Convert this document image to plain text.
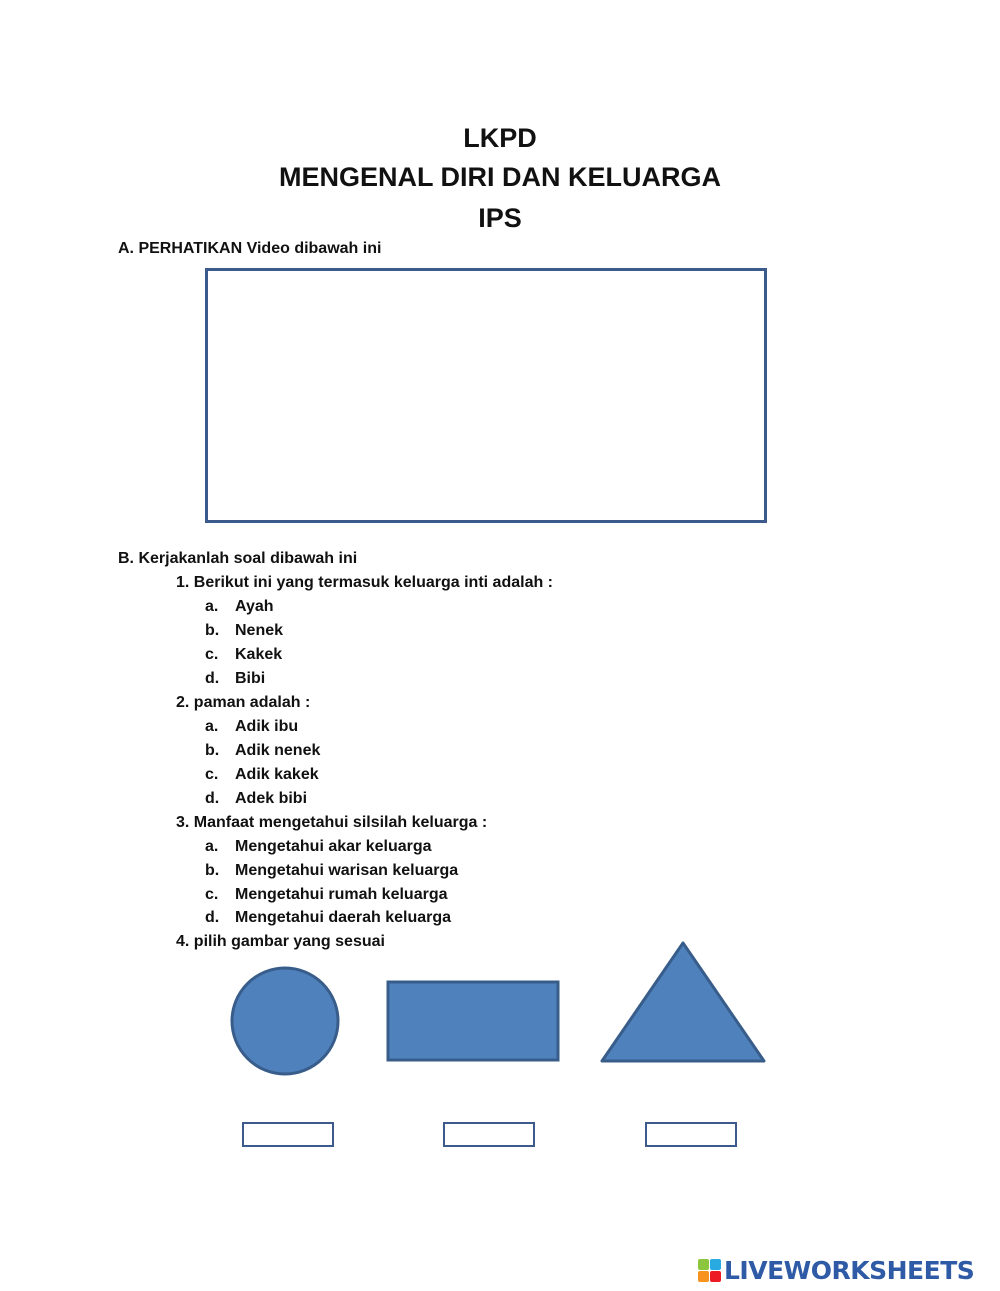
LKPD
MENGENAL DIRI DAN KELUARGA
IPS

A. PERHATIKAN Video dibawah ini

B. Kerjakanlah soal dibawah ini

1. Berikut ini yang termasuk keluarga inti adalah :

a. Ayah
b. Nenek
c. Kakek
d. Bibi

2. paman adalah :

a. Adik ibu
b. Adik nenek
c. Adik kakek
d. Adek bibi

3. Manfaat mengetahui silsilah keluarga :

a. Mengetahui akar keluarga
b. Mengetahui warisan keluarga
c. Mengetahui rumah keluarga
d. Mengetahui daerah keluarga

4. pilih gambar yang sesuai

LIVEWORKSHEETS
